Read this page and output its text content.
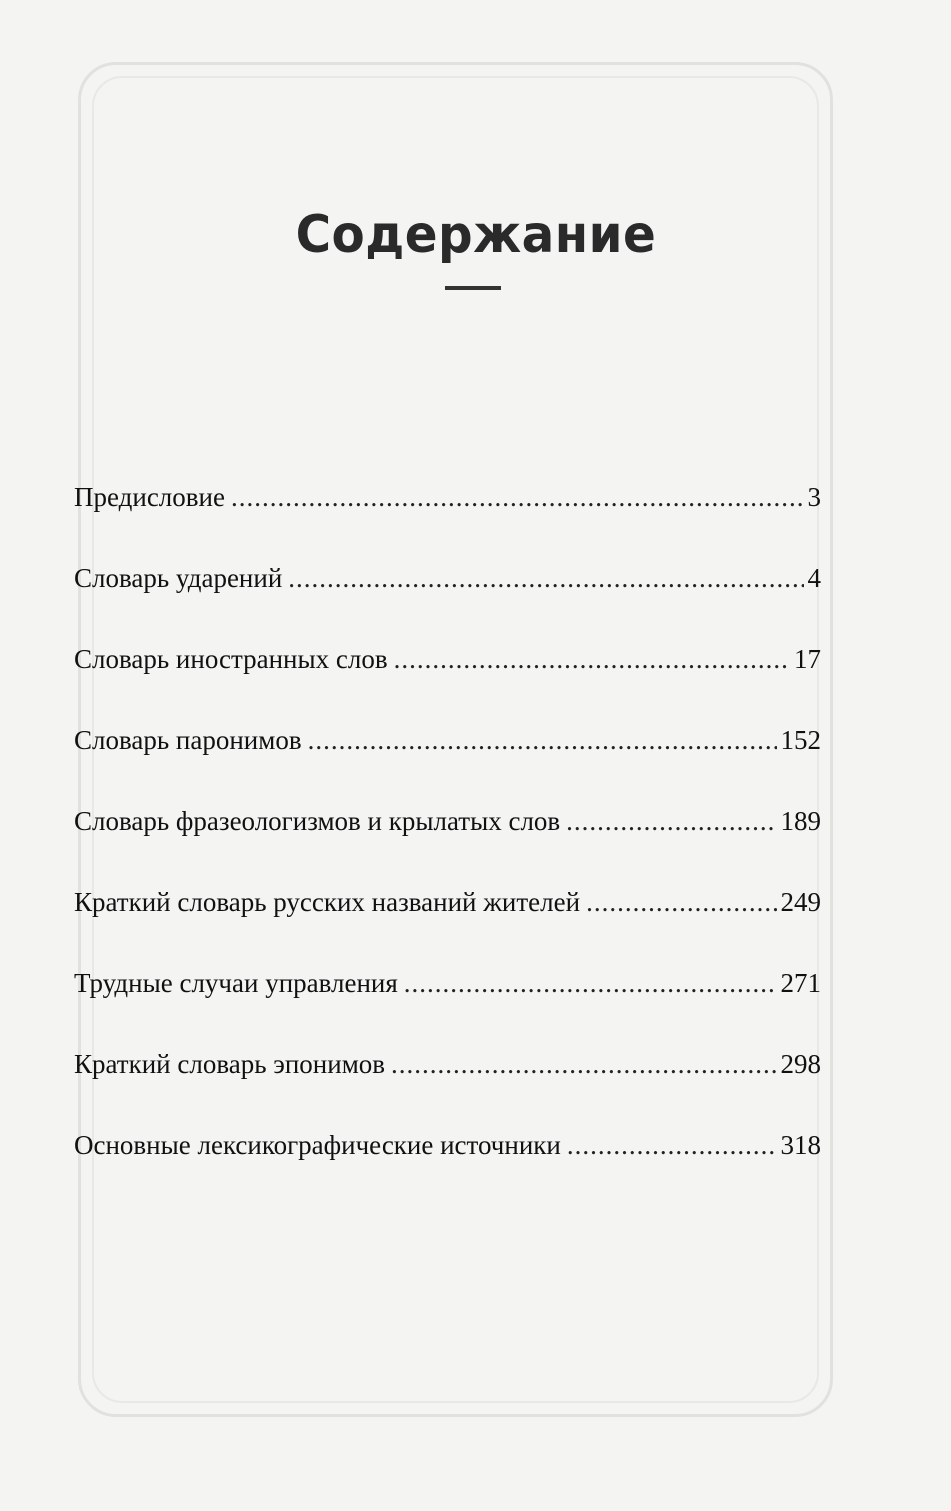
Содержание
Предисловие .....	3
Словарь ударений .....	4
Словарь иностранных слов .....	17
Словарь паронимов .....	152
Словарь фразеологизмов и крылатых слов .....	189
Краткий словарь русских названий жителей .....	249
Трудные случаи управления .....	271
Краткий словарь эпонимов .....	298
Основные лексикографические источники .....	318
